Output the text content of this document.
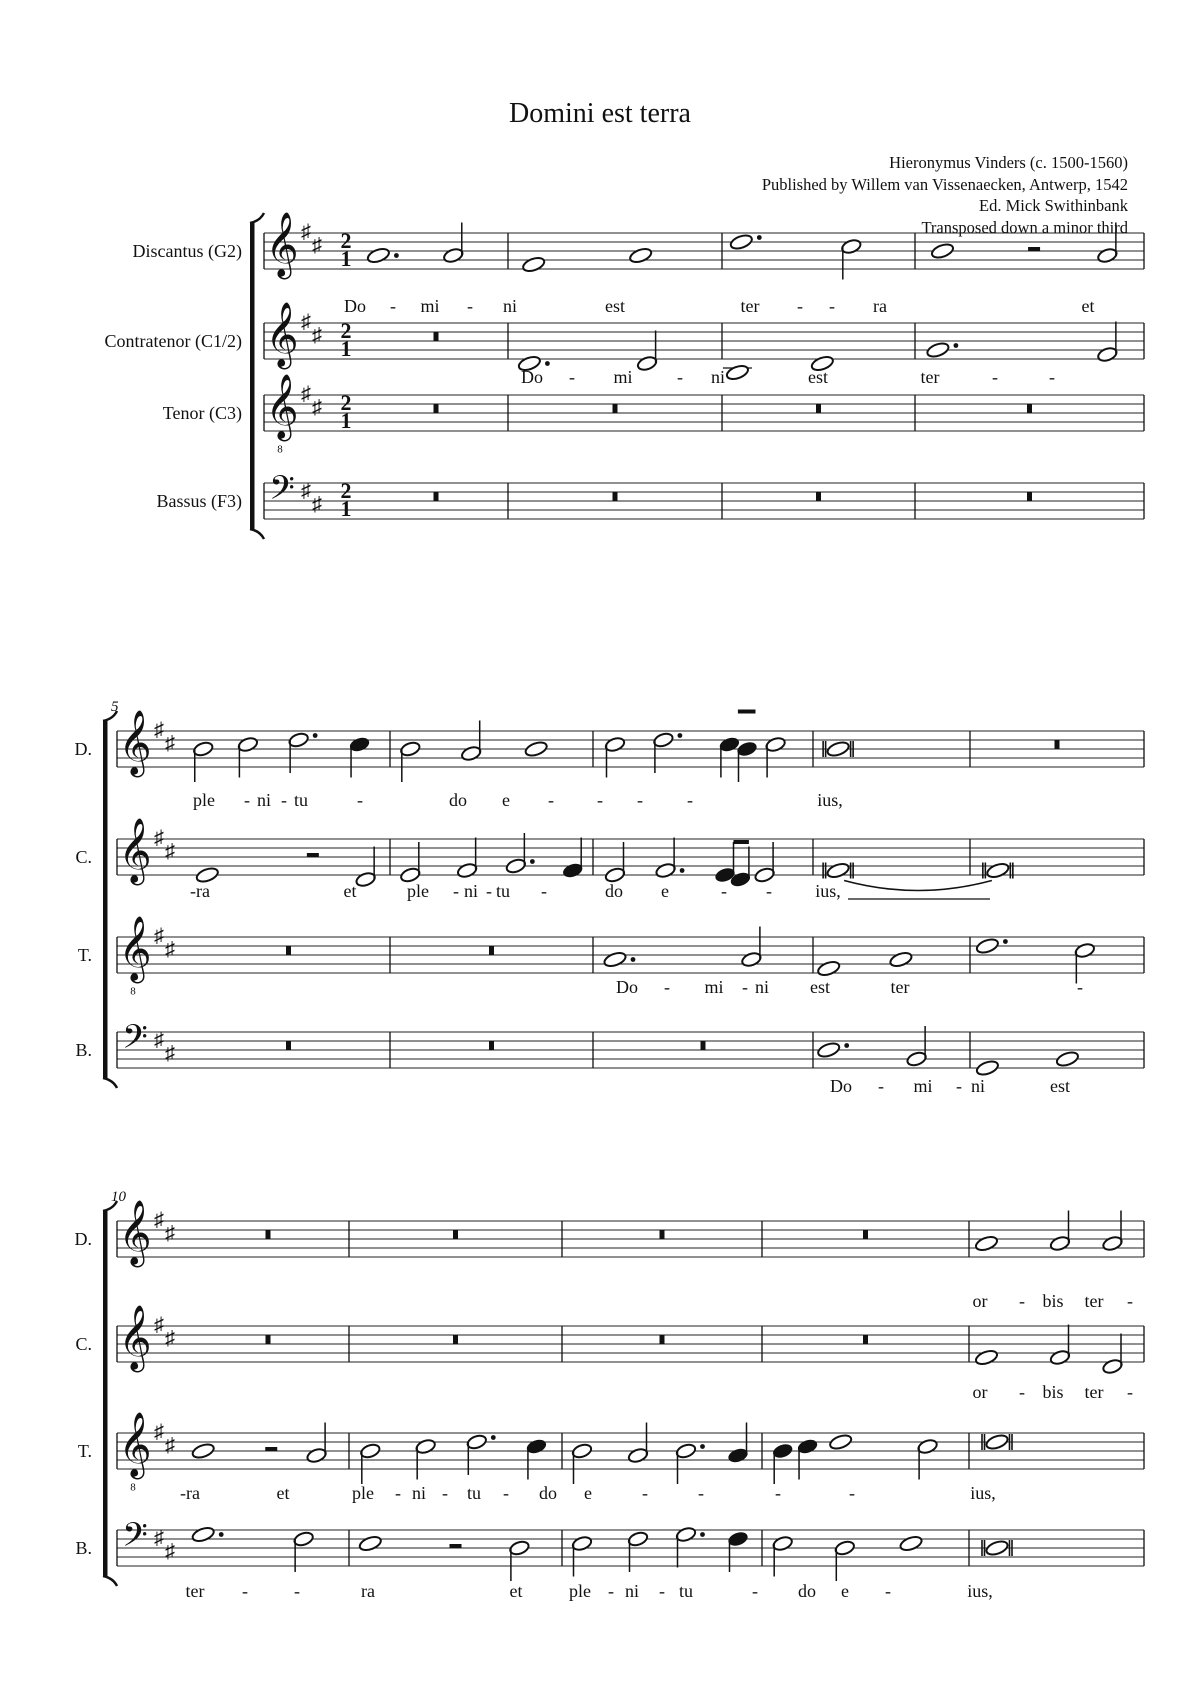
Domini est terra
Hieronymus Vinders (c. 1500-1560)
Published by Willem van Vissenaecken, Antwerp, 1542
Ed. Mick Swithinbank
Transposed down a minor third
Discantus (G2) 𝄞 ♯
♯ 2
1
Do - mi - ni	est	ter - - ra	et
Contratenor (C1/2) 𝄞 ♯
♯ 2
1
Do - mi - ni	est	ter	-	-
Tenor (C3) 𝄞
8
♯
♯ 2
1
Bassus (F3) 𝄢 ♯
♯
2
1
5
D. 𝄞 ♯
♯
ple - ni - tu	-	do e - - - -	ius,
C. 𝄞 ♯
♯
-ra	et	ple - ni - tu -	do e	- - ius,
T. 𝄞
8
♯
♯
Do - mi - ni est	ter	-
B. 𝄢 ♯
♯
Do - mi - ni	est
10
D. 𝄞 ♯
♯
or - bis ter -
C. 𝄞 ♯
♯
or - bis ter -
T. 𝄞
8
♯
♯
-ra	et	ple - ni - tu - do e	-	-	-	-	ius,
B. 𝄢 ♯
♯
ter -	-	ra	et	ple - ni - tu	- do e -	ius,
